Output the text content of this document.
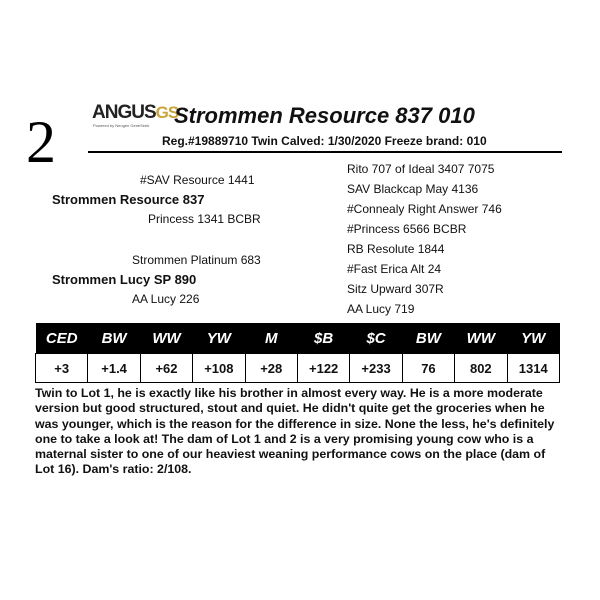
2 ANGUSGS
Powered by Neogen GeneSeek Strommen Resource 837 010
Reg.#19889710 Twin Calved: 1/30/2020 Freeze brand: 010
#SAV Resource 1441
Strommen Resource 837
Princess 1341 BCBR
Strommen Platinum 683
Strommen Lucy SP 890
AA Lucy 226
Rito 707 of Ideal 3407 7075
SAV Blackcap May 4136
#Connealy Right Answer 746
#Princess 6566 BCBR
RB Resolute 1844
#Fast Erica Alt 24
Sitz Upward 307R
AA Lucy 719
CED	BW	WW	YW	M	$B	$C	BW	WW	YW
+3	+1.4	+62	+108	+28	+122	+233	76	802	1314
Twin to Lot 1, he is exactly like his brother in almost every way. He is a more moderate version but good structured, stout and quiet. He didn't quite get the groceries when he was younger, which is the reason for the difference in size. None the less, he's definitely one to take a look at! The dam of Lot 1 and 2 is a very promising young cow who is a maternal sister to one of our heaviest weaning performance cows on the place (dam of Lot 16). Dam's ratio: 2/108.
